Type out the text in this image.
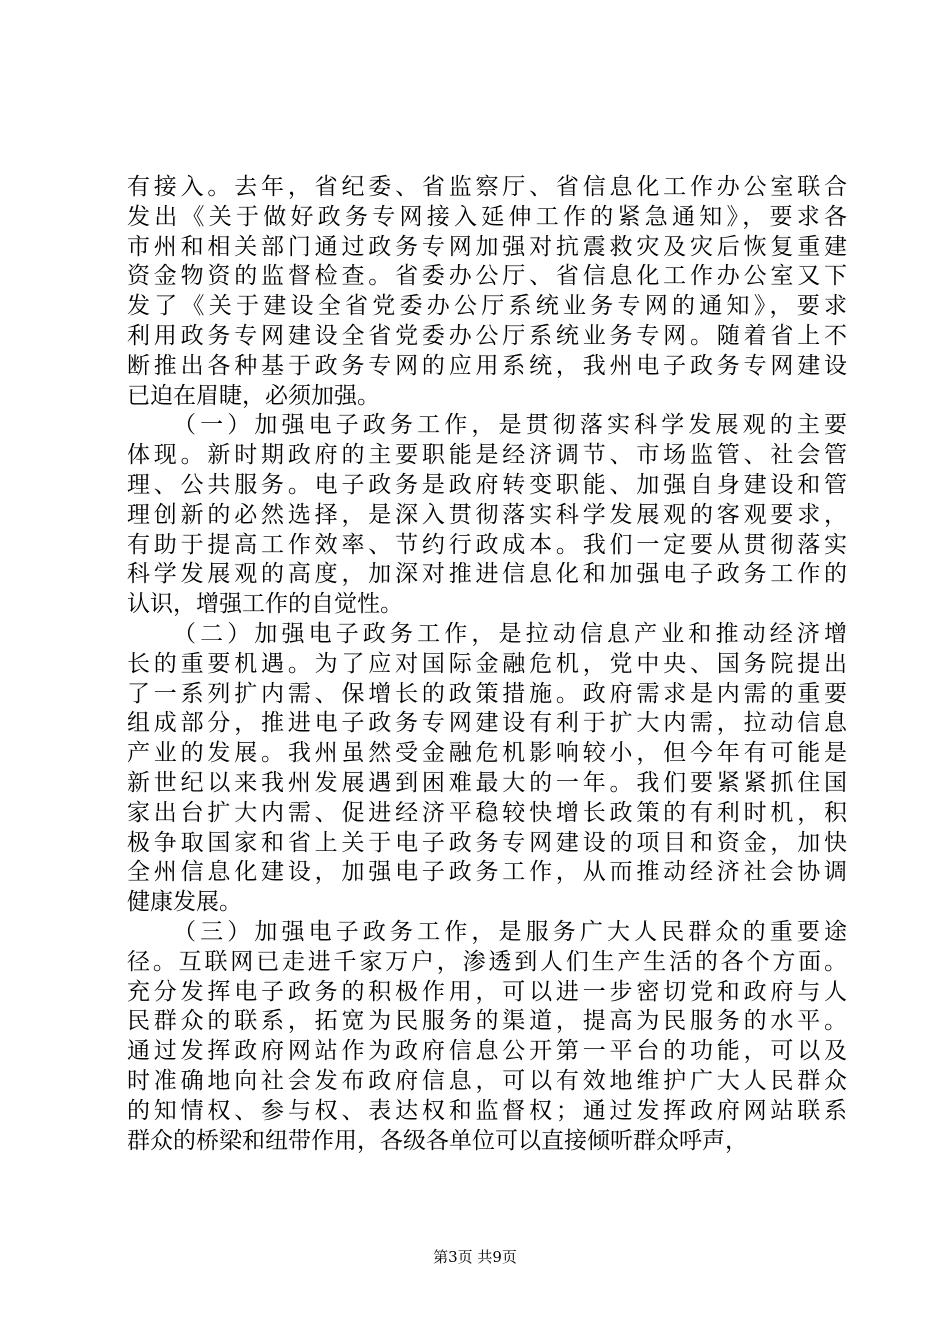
有接入。去年，省纪委、省监察厅、省信息化工作办公室联合
发出《关于做好政务专网接入延伸工作的紧急通知》，要求各
市州和相关部门通过政务专网加强对抗震救灾及灾后恢复重建
资金物资的监督检查。省委办公厅、省信息化工作办公室又下
发了《关于建设全省党委办公厅系统业务专网的通知》，要求
利用政务专网建设全省党委办公厅系统业务专网。随着省上不
断推出各种基于政务专网的应用系统，我州电子政务专网建设
已迫在眉睫，必须加强。
（一）加强电子政务工作，是贯彻落实科学发展观的主要
体现。新时期政府的主要职能是经济调节、市场监管、社会管
理、公共服务。电子政务是政府转变职能、加强自身建设和管
理创新的必然选择，是深入贯彻落实科学发展观的客观要求，
有助于提高工作效率、节约行政成本。我们一定要从贯彻落实
科学发展观的高度，加深对推进信息化和加强电子政务工作的
认识，增强工作的自觉性。
（二）加强电子政务工作，是拉动信息产业和推动经济增
长的重要机遇。为了应对国际金融危机，党中央、国务院提出
了一系列扩内需、保增长的政策措施。政府需求是内需的重要
组成部分，推进电子政务专网建设有利于扩大内需，拉动信息
产业的发展。我州虽然受金融危机影响较小，但今年有可能是
新世纪以来我州发展遇到困难最大的一年。我们要紧紧抓住国
家出台扩大内需、促进经济平稳较快增长政策的有利时机，积
极争取国家和省上关于电子政务专网建设的项目和资金，加快
全州信息化建设，加强电子政务工作，从而推动经济社会协调
健康发展。
（三）加强电子政务工作，是服务广大人民群众的重要途
径。互联网已走进千家万户，渗透到人们生产生活的各个方面。
充分发挥电子政务的积极作用，可以进一步密切党和政府与人
民群众的联系，拓宽为民服务的渠道，提高为民服务的水平。
通过发挥政府网站作为政府信息公开第一平台的功能，可以及
时准确地向社会发布政府信息，可以有效地维护广大人民群众
的知情权、参与权、表达权和监督权；通过发挥政府网站联系
群众的桥梁和纽带作用，各级各单位可以直接倾听群众呼声，
第3页 共9页
